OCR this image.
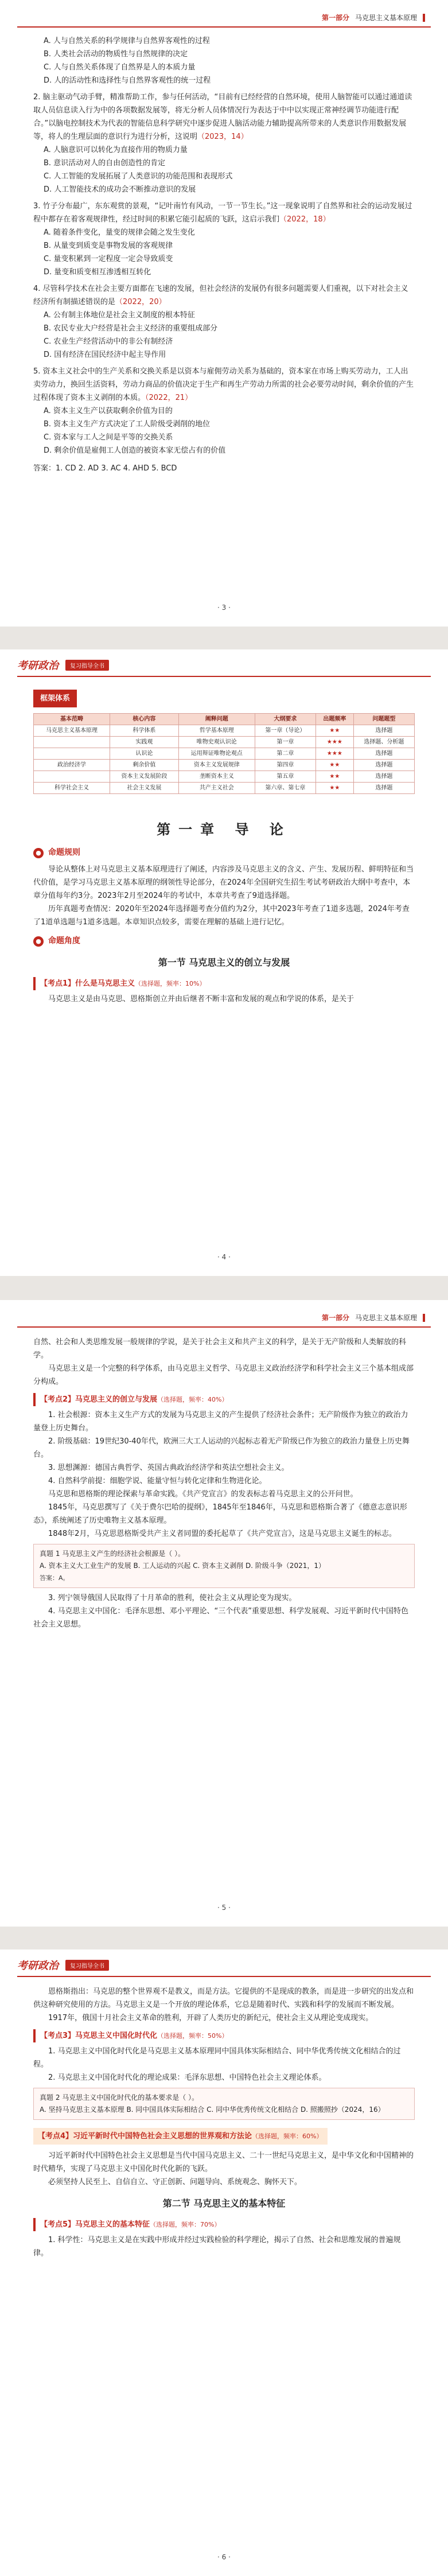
第一部分 马克思主义基本原理

A. 人与自然关系的科学规律与自然界客观性的过程

B. 人类社会活动的物质性与自然规律的决定

C. 人与自然关系体现了自然界是人的本质力量

D. 人的活动性和选择性与自然界客观性的统一过程

2. 脑主驱动气动手臂，精准帮助工作，参与任何活动，“目前有已经经营的自然环境，使用人脑智能可以通过通道读取人员信息读入行为中的各项数据发展等，将无分析人员体情况行为表达于中中以实现正常神经调节功能进行配合。”以脑电控制技术为代表的智能信息科学研究中逐步促进人脑活动能力辅助提高所带来的人类意识作用数据发展等，将人的生理层面的意识行为进行分析，这说明（2023，14）

A. 人脑意识可以转化为直接作用的物质力量

B. 意识活动对人的自由创造性的肯定

C. 人工智能的发展拓展了人类意识的功能范围和表现形式

D. 人工智能技术的成功会不断推动意识的发展

3. 竹子分布最广，东东观赏的景观，“记叶南竹有风动，一节一节生长。”这一现象说明了自然界和社会的运动发展过程中都存在着客观规律性，经过时间的积累它能引起质的飞跃，这启示我们（2022，18）

A. 随着条件变化，量变的规律会随之发生变化

B. 从量变到质变是事物发展的客观规律

C. 量变积累到一定程度一定会导致质变

D. 量变和质变相互渗透相互转化

4. 尽管科学技术在社会主要方面都在飞速的发展，但社会经济的发展仍有很多问题需要人们重视，以下对社会主义经济所有制描述错误的是（2022，20）

A. 公有制主体地位是社会主义制度的根本特征

B. 农民专业大户经营是社会主义经济的重要组成部分

C. 农业生产经营活动中的非公有制经济

D. 国有经济在国民经济中起主导作用

5. 资本主义社会中的生产关系和交换关系是以资本与雇佣劳动关系为基础的，资本家在市场上购买劳动力，工人出卖劳动力，换回生活资料，劳动力商品的价值决定于生产和再生产劳动力所需的社会必要劳动时间，剩余价值的产生过程体现了资本主义剥削的本质。（2022，21）

A. 资本主义生产以获取剩余价值为目的

B. 资本主义生产方式决定了工人阶级受剥削的地位

C. 资本家与工人之间是平等的交换关系

D. 剩余价值是雇佣工人创造的被资本家无偿占有的价值

答案：1. CD 2. AD 3. AC 4. AHD 5. BCD

· 3 ·
考研政治	复习指导全书
框架体系
基本范畴	核心内容	阐释问题	大纲要求	出题频率	问题题型
马克思主义基本原理	科学体系	哲学基本原理	第一章（导论）	★★	选择题
	实践观	唯物史观认识论	第一章	★★★	选择题、分析题
	认识论	运用辩证唯物论观点	第二章	★★★	选择题
政治经济学	剩余价值	资本主义发展规律	第四章	★★	选择题
	资本主义发展阶段	垄断资本主义	第五章	★★	选择题
科学社会主义	社会主义发展	共产主义社会	第六章、第七章	★★	选择题
第一章 导 论
● 命题规则

导论从整体上对马克思主义基本原理进行了阐述，内容涉及马克思主义的含义、产生、发展历程、鲜明特征和当代价值，是学习马克思主义基本原理的纲领性导论部分，在2024年全国研究生招生考试考研政治大纲中考查中，本章分值每年约3分。2023年2月至2024年的考试中，本章共考查了9道选择题。

历年真题考查情况：2020年至2024年选择题考查分值约为2分，其中2023年考查了1道多选题，2024年考查了1道单选题与1道多选题。本章知识点较多，需要在理解的基础上进行记忆。

● 命题角度
第一节 马克思主义的创立与发展
【考点1】什么是马克思主义（选择题，频率：10%）

马克思主义是由马克思、恩格斯创立并由后继者不断丰富和发展的观点和学说的体系，是关于

· 4 ·
第一部分 马克思主义基本原理

自然、社会和人类思维发展一般规律的学说，是关于社会主义和共产主义的科学，是关于无产阶级和人类解放的科学。

马克思主义是一个完整的科学体系，由马克思主义哲学、马克思主义政治经济学和科学社会主义三个基本组成部分构成。

【考点2】马克思主义的创立与发展（选择题，频率：40%）

1. 社会根源：资本主义生产方式的发展为马克思主义的产生提供了经济社会条件；无产阶级作为独立的政治力量登上历史舞台。

2. 阶级基础：19世纪30-40年代，欧洲三大工人运动的兴起标志着无产阶级已作为独立的政治力量登上历史舞台。

3. 思想渊源：德国古典哲学、英国古典政治经济学和英法空想社会主义。

4. 自然科学前提：细胞学说、能量守恒与转化定律和生物进化论。

马克思和恩格斯的理论探索与革命实践。《共产党宣言》的发表标志着马克思主义的公开问世。

1845年，马克思撰写了《关于费尔巴哈的提纲》，1845年至1846年，马克思和恩格斯合著了《德意志意识形态》，系统阐述了历史唯物主义基本原理。

1848年2月，马克思恩格斯受共产主义者同盟的委托起草了《共产党宣言》，这是马克思主义诞生的标志。

真题 1 马克思主义产生的经济社会根源是（ ）。
A. 资本主义大工业生产的发展 B. 工人运动的兴起 C. 资本主义剥削 D. 阶级斗争（2021，1）
答案：A。

3. 列宁领导俄国人民取得了十月革命的胜利，使社会主义从理论变为现实。

4. 马克思主义中国化：毛泽东思想、邓小平理论、“三个代表”重要思想、科学发展观、习近平新时代中国特色社会主义思想。

· 5 ·
考研政治	复习指导全书

恩格斯指出：马克思的整个世界观不是教义，而是方法。它提供的不是现成的教条，而是进一步研究的出发点和供这种研究使用的方法。马克思主义是一个开放的理论体系，它总是随着时代、实践和科学的发展而不断发展。

1917年，俄国十月社会主义革命的胜利，开辟了人类历史的新纪元，使社会主义从理论变成现实。

【考点3】马克思主义中国化时代化（选择题，频率：50%）

1. 马克思主义中国化时代化是马克思主义基本原理同中国具体实际相结合、同中华优秀传统文化相结合的过程。

2. 马克思主义中国化时代化的理论成果：毛泽东思想、中国特色社会主义理论体系。

真题 2 马克思主义中国化时代化的基本要求是（ ）。
A. 坚持马克思主义基本原理 B. 同中国具体实际相结合 C. 同中华优秀传统文化相结合 D. 照搬照抄（2024，16）
【考点4】习近平新时代中国特色社会主义思想的世界观和方法论（选择题，频率：60%）

习近平新时代中国特色社会主义思想是当代中国马克思主义、二十一世纪马克思主义，是中华文化和中国精神的时代精华，实现了马克思主义中国化时代化新的飞跃。

必须坚持人民至上、自信自立、守正创新、问题导向、系统观念、胸怀天下。

第二节 马克思主义的基本特征
【考点5】马克思主义的基本特征（选择题，频率：70%）

1. 科学性：马克思主义是在实践中形成并经过实践检验的科学理论，揭示了自然、社会和思维发展的普遍规律。

· 6 ·
